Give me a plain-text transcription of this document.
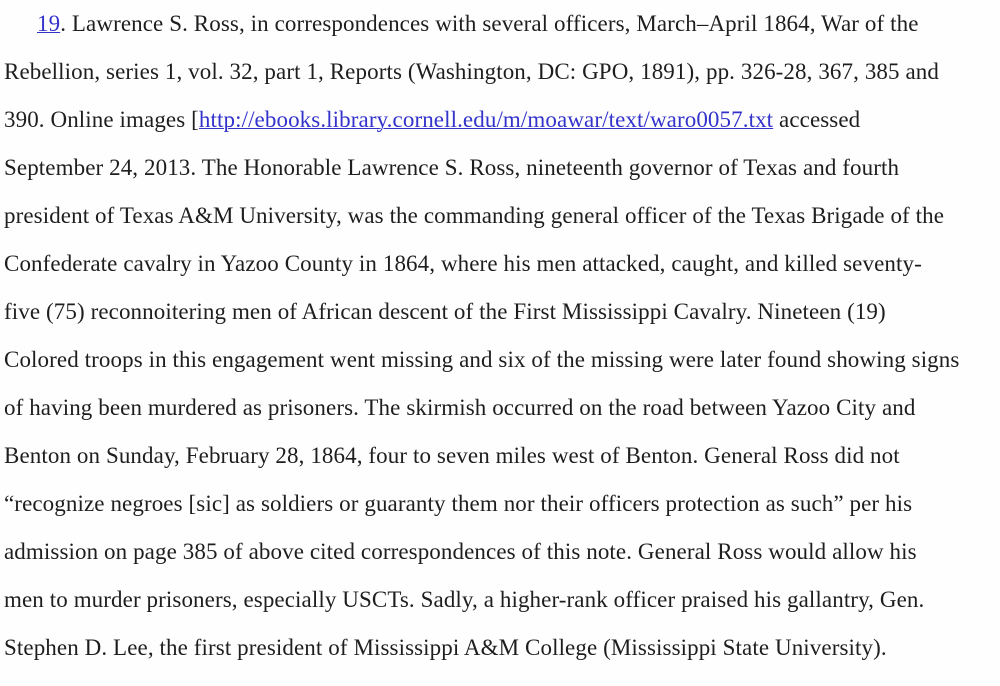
19. Lawrence S. Ross, in correspondences with several officers, March–April 1864, War of the
Rebellion, series 1, vol. 32, part 1, Reports (Washington, DC: GPO, 1891), pp. 326-28, 367, 385 and
390. Online images [http://ebooks.library.cornell.edu/m/moawar/text/waro0057.txt accessed
September 24, 2013. The Honorable Lawrence S. Ross, nineteenth governor of Texas and fourth
president of Texas A&M University, was the commanding general officer of the Texas Brigade of the
Confederate cavalry in Yazoo County in 1864, where his men attacked, caught, and killed seventy-
five (75) reconnoitering men of African descent of the First Mississippi Cavalry. Nineteen (19)
Colored troops in this engagement went missing and six of the missing were later found showing signs
of having been murdered as prisoners. The skirmish occurred on the road between Yazoo City and
Benton on Sunday, February 28, 1864, four to seven miles west of Benton. General Ross did not
“recognize negroes [sic] as soldiers or guaranty them nor their officers protection as such” per his
admission on page 385 of above cited correspondences of this note. General Ross would allow his
men to murder prisoners, especially USCTs. Sadly, a higher-rank officer praised his gallantry, Gen.
Stephen D. Lee, the first president of Mississippi A&M College (Mississippi State University).
